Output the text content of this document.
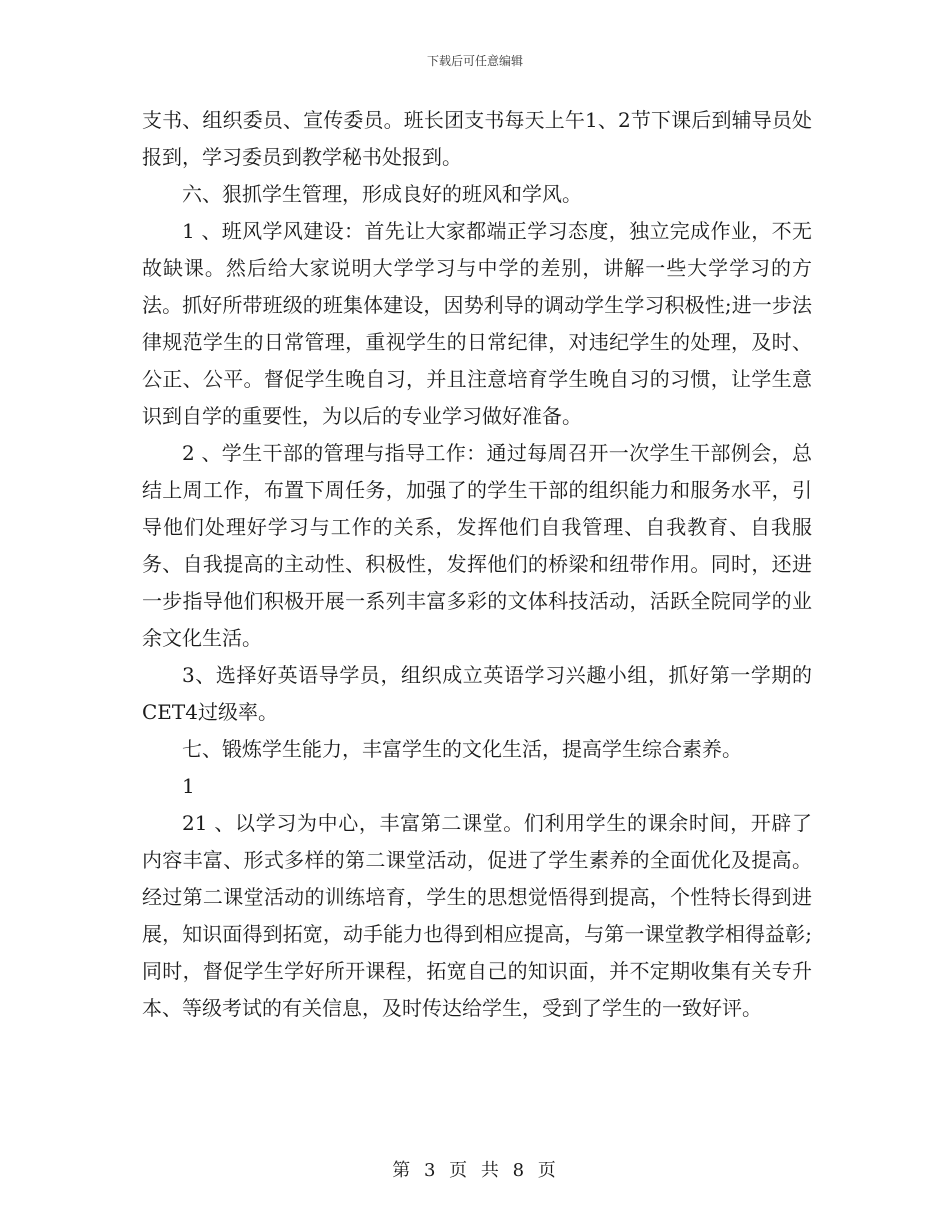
下载后可任意编辑

支书、组织委员、宣传委员。班长团支书每天上午1、2节下课后到辅导员处报到，学习委员到教学秘书处报到。

六、狠抓学生管理，形成良好的班风和学风。

1 、班风学风建设：首先让大家都端正学习态度，独立完成作业，不无故缺课。然后给大家说明大学学习与中学的差别，讲解一些大学学习的方法。抓好所带班级的班集体建设，因势利导的调动学生学习积极性;进一步法律规范学生的日常管理，重视学生的日常纪律，对违纪学生的处理，及时、公正、公平。督促学生晚自习，并且注意培育学生晚自习的习惯，让学生意识到自学的重要性，为以后的专业学习做好准备。

2 、学生干部的管理与指导工作：通过每周召开一次学生干部例会，总结上周工作，布置下周任务，加强了的学生干部的组织能力和服务水平，引导他们处理好学习与工作的关系，发挥他们自我管理、自我教育、自我服务、自我提高的主动性、积极性，发挥他们的桥梁和纽带作用。同时，还进一步指导他们积极开展一系列丰富多彩的文体科技活动，活跃全院同学的业余文化生活。

3、选择好英语导学员，组织成立英语学习兴趣小组，抓好第一学期的CET4过级率。

七、锻炼学生能力，丰富学生的文化生活，提高学生综合素养。

1

21 、以学习为中心，丰富第二课堂。们利用学生的课余时间，开辟了内容丰富、形式多样的第二课堂活动，促进了学生素养的全面优化及提高。经过第二课堂活动的训练培育，学生的思想觉悟得到提高，个性特长得到进展，知识面得到拓宽，动手能力也得到相应提高，与第一课堂教学相得益彰;同时，督促学生学好所开课程，拓宽自己的知识面，并不定期收集有关专升本、等级考试的有关信息，及时传达给学生，受到了学生的一致好评。

第 3 页 共 8 页
